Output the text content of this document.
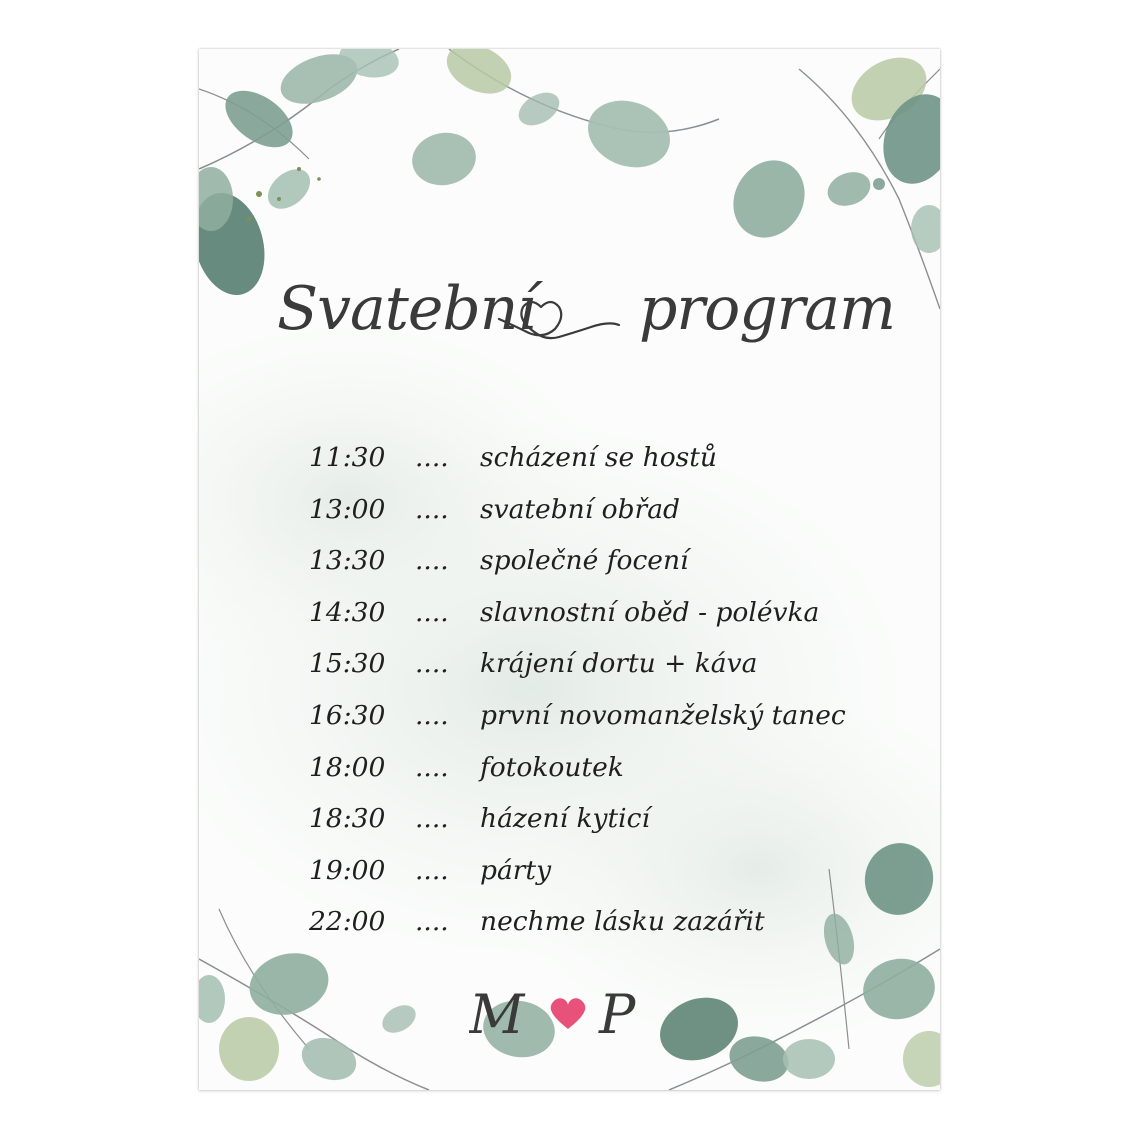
Svatební program
11:30	....	scházení se hostů
13:00	....	svatební obřad
13:30	....	společné focení
14:30	....	slavnostní oběd - polévka
15:30	....	krájení dortu + káva
16:30	....	první novomanželský tanec
18:00	....	fotokoutek
18:30	....	házení kyticí
19:00	....	párty
22:00	....	nechme lásku zazářit
M P
